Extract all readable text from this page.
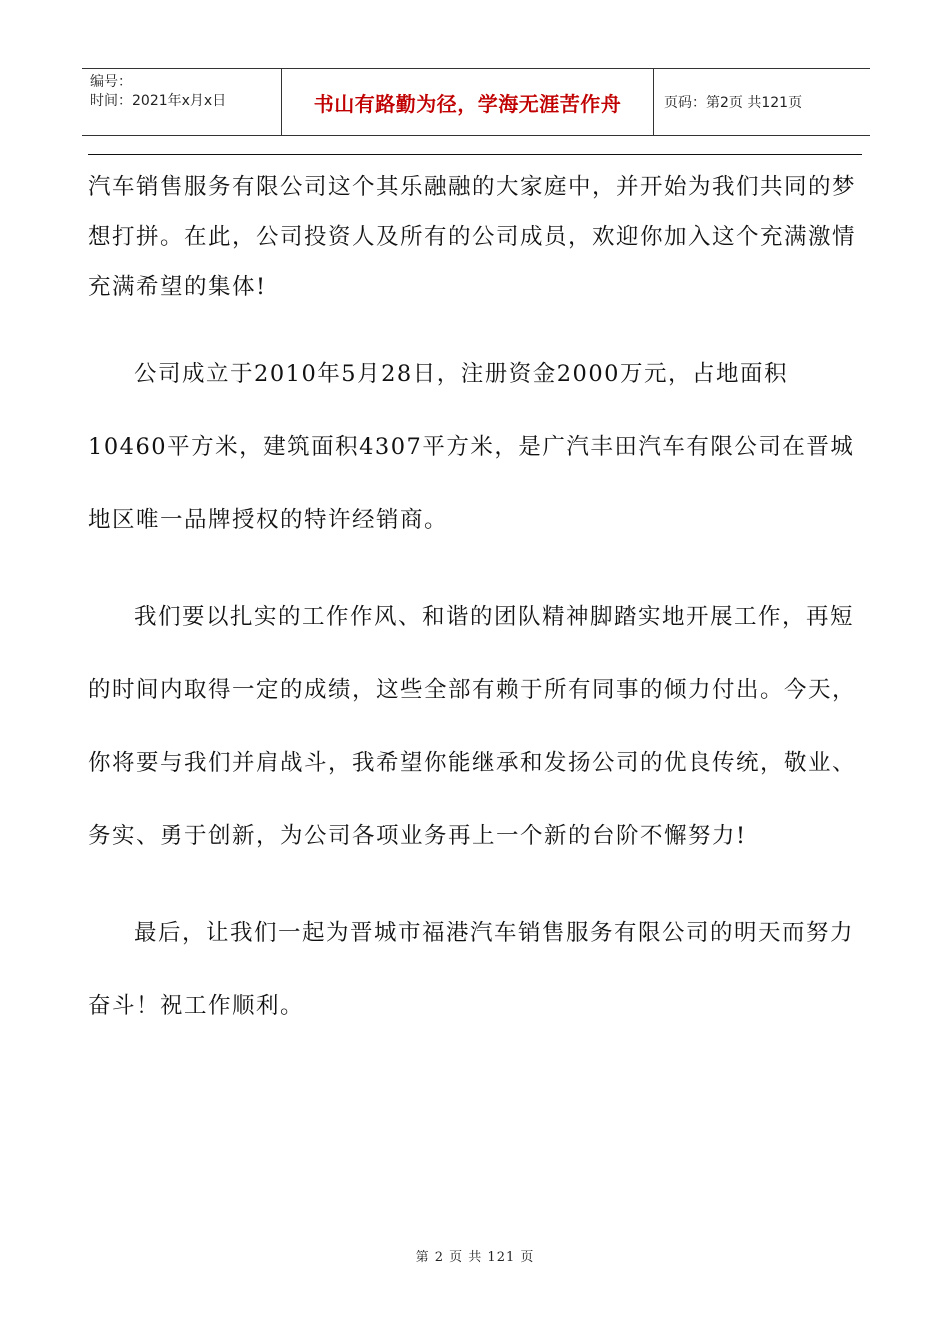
编号：
时间：2021年x月x日	书山有路勤为径，学海无涯苦作舟	页码：第2页 共121页

汽车销售服务有限公司这个其乐融融的大家庭中，并开始为我们共同的梦想打拼。在此，公司投资人及所有的公司成员，欢迎你加入这个充满激情充满希望的集体!

公司成立于2010年5月28日，注册资金2000万元，占地面积10460平方米，建筑面积4307平方米，是广汽丰田汽车有限公司在晋城地区唯一品牌授权的特许经销商。

我们要以扎实的工作作风、和谐的团队精神脚踏实地开展工作，再短的时间内取得一定的成绩，这些全部有赖于所有同事的倾力付出。今天，你将要与我们并肩战斗，我希望你能继承和发扬公司的优良传统，敬业、务实、勇于创新，为公司各项业务再上一个新的台阶不懈努力!

最后，让我们一起为晋城市福港汽车销售服务有限公司的明天而努力奋斗！祝工作顺利。

第 2 页 共 121 页
